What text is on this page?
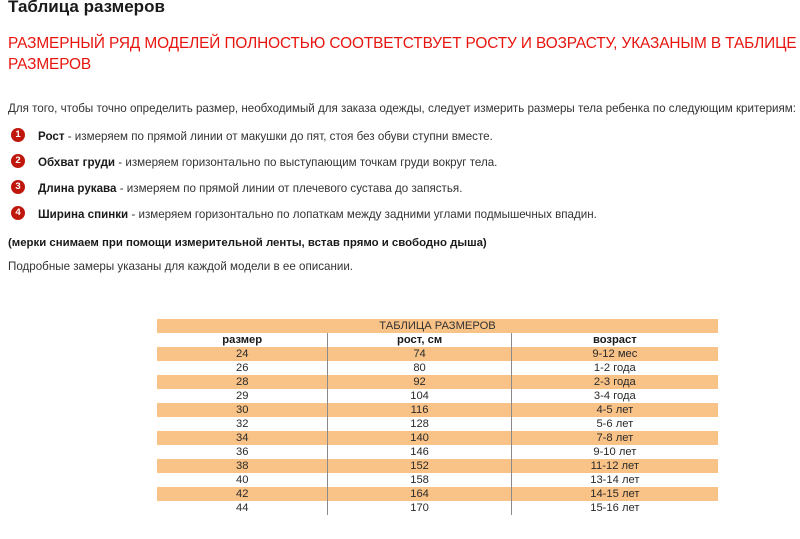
Таблица размеров
РАЗМЕРНЫЙ РЯД МОДЕЛЕЙ ПОЛНОСТЬЮ СООТВЕТСТВУЕТ РОСТУ И ВОЗРАСТУ, УКАЗАНЫМ В ТАБЛИЦЕ РАЗМЕРОВ

Для того, чтобы точно определить размер, необходимый для заказа одежды, следует измерить размеры тела ребенка по следующим критериям:

1	Рост - измеряем по прямой линии от макушки до пят, стоя без обуви ступни вместе.
2	Обхват груди - измеряем горизонтально по выступающим точкам груди вокруг тела.
3	Длина рукава - измеряем по прямой линии от плечевого сустава до запястья.
4	Ширина спинки - измеряем горизонтально по лопаткам между задними углами подмышечных впадин.

(мерки снимаем при помощи измерительной ленты, встав прямо и свободно дыша)

Подробные замеры указаны для каждой модели в ее описании.

ТАБЛИЦА РАЗМЕРОВ		
размер	рост, см	возраст
24	74	9-12 мес
26	80	1-2 года
28	92	2-3 года
29	104	3-4 года
30	116	4-5 лет
32	128	5-6 лет
34	140	7-8 лет
36	146	9-10 лет
38	152	11-12 лет
40	158	13-14 лет
42	164	14-15 лет
44	170	15-16 лет
